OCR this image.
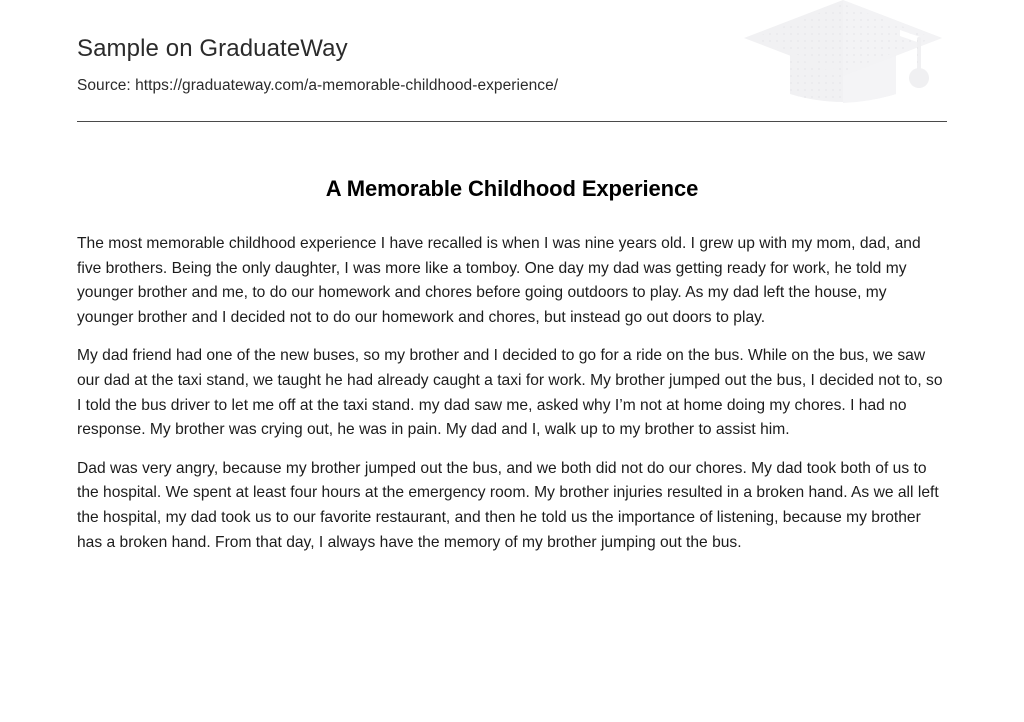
Sample on GraduateWay
Source: https://graduateway.com/a-memorable-childhood-experience/
A Memorable Childhood Experience

The most memorable childhood experience I have recalled is when I was nine years old. I grew up with my mom, dad, and five brothers. Being the only daughter, I was more like a tomboy. One day my dad was getting ready for work, he told my younger brother and me, to do our homework and chores before going outdoors to play. As my dad left the house, my younger brother and I decided not to do our homework and chores, but instead go out doors to play.

My dad friend had one of the new buses, so my brother and I decided to go for a ride on the bus. While on the bus, we saw our dad at the taxi stand, we taught he had already caught a taxi for work. My brother jumped out the bus, I decided not to, so I told the bus driver to let me off at the taxi stand. my dad saw me, asked why I’m not at home doing my chores. I had no response. My brother was crying out, he was in pain. My dad and I, walk up to my brother to assist him.

Dad was very angry, because my brother jumped out the bus, and we both did not do our chores. My dad took both of us to the hospital. We spent at least four hours at the emergency room. My brother injuries resulted in a broken hand. As we all left the hospital, my dad took us to our favorite restaurant, and then he told us the importance of listening, because my brother has a broken hand. From that day, I always have the memory of my brother jumping out the bus.
